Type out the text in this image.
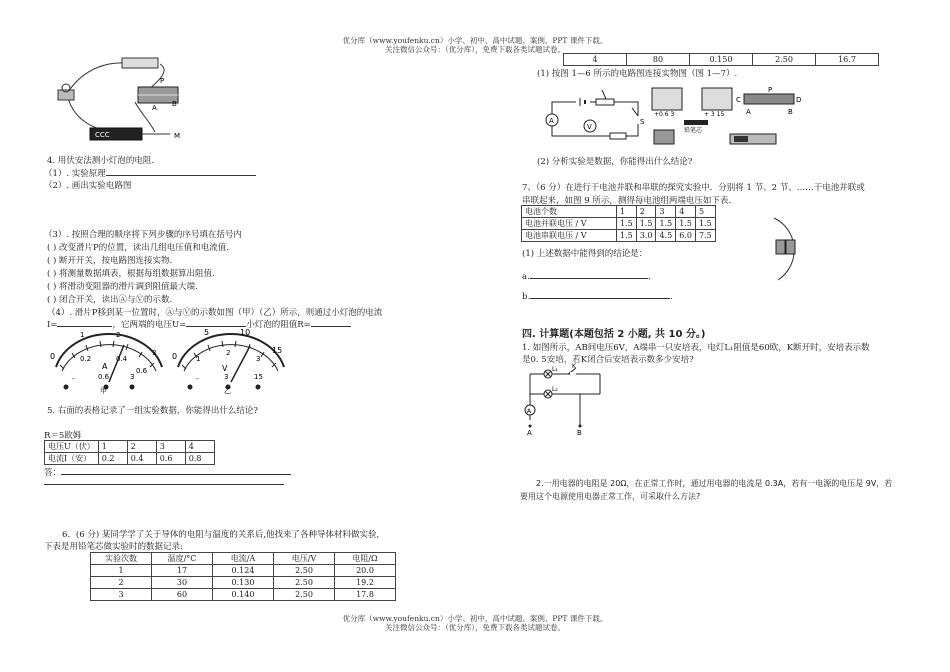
优分库（www.youfenku.cn）小学、初中、高中试题、案例、PPT 课件下载。
关注微信公众号：（优分库），免费下载各类试题试卷。
CCC
P
A B
M
4. 用伏安法测小灯泡的电阻.
（1）. 实验原理
（2）. 画出实验电路图
（3）. 按照合理的顺序将下列步骤的序号填在括号内
( ) 改变滑片P的位置，读出几组电压值和电流值.
( ) 断开开关，按电路图连接实物.
( ) 将测量数据填表，根据每组数据算出阻值.
( ) 将滑动变阻器的滑片调到阻值最大端.
( ) 闭合开关，读出Ⓐ与Ⓥ的示数.
（4）. 滑片P移到某一位置时，Ⓐ与Ⓥ的示数如图（甲）（乙）所示，则通过小灯泡的电流
I=	，它两端的电压U=	小灯泡的阻值R=
0	0.2	0.4
0.6
1	2
3
A
-	0.6	3
甲
0
5	10
15
1
2
3
V
-	3	15
乙
5. 右面的表格记录了一组实验数据，你能得出什么结论?
R＝5欧姆
电压U（伏）	1	2	3	4
电流I（安）	0.2	0.4	0.6	0.8
答：
6．(6 分) 某同学学了关于导体的电阻与温度的关系后,他找来了各种导体材料做实验,
下表是用铅笔芯做实验时的数据记录:
实验次数	温度/°C	电流/A	电压/V	电阻/Ω
1	17	0.124	2.50	20.0
2	30	0.130	2.50	19.2
3	60	0.140	2.50	17.8
4	80	0.150	2.50	16.7
(1) 按图 1—6 所示的电路图连接实物图（图 1—7）.
A
V
S
+0.6 3	+ 3 15
C
P
D
A	B
铅笔芯
(2) 分析实验是数据，你能得出什么结论?
7、（6 分）在进行干电池并联和串联的探究实验中．分别将 1 节、2 节、……干电池并联或
串联起来，如图 9 所示，测得每电池组两端电压如下表.
电池个数	1	2	3	4	5
电池并联电压 / V	1.5	1.5	1.5	1.5	1.5
电池串联电压 / V	1.5	3.0	4.5	6.0	7.5
(1) 上述数据中能得到的结论是：
a.	、
b.	.
四. 计算题(本题包括 2 小题, 共 10 分。)
1. 如图所示，AB间电压6V，A端串一只安培表，电灯L₁阻值是60欧，K断开时，安培表示数
是0. 5安培，若K闭合后安培表示数多少安培?
A
L₁
L₂
K
A	B
2.一用电器的电阻是 20Ω，在正常工作时，通过用电器的电流是 0.3A，若有一电源的电压是 9V，若
要用这个电源使用电器正常工作，可采取什么方法?
优分库（www.youfenku.cn）小学、初中、高中试题、案例、PPT 课件下载。
关注微信公众号：（优分库），免费下载各类试题试卷。
